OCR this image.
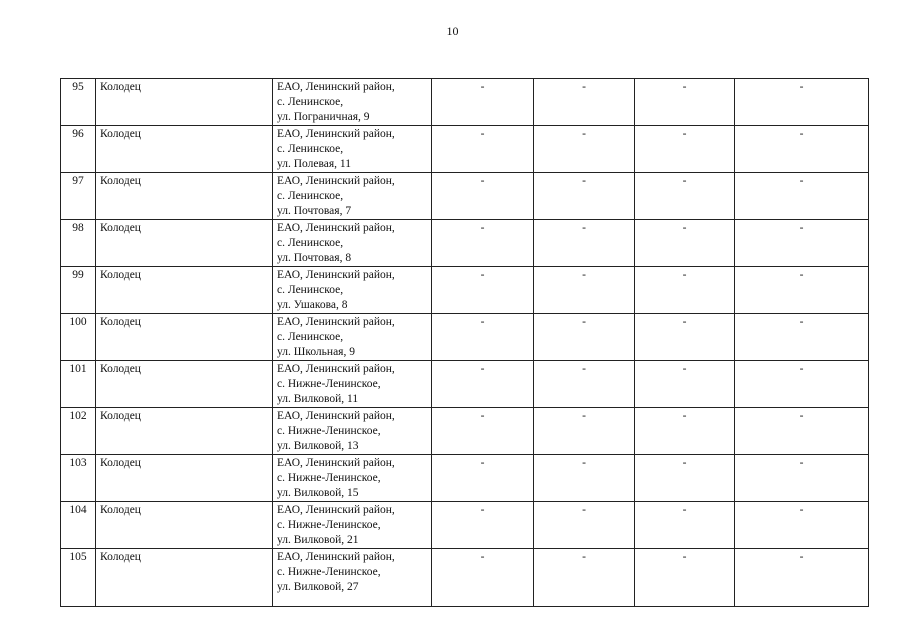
10
95	Колодец	ЕАО, Ленинский район,
с. Ленинское,
ул. Пограничная, 9	-	-	-	-
96	Колодец	ЕАО, Ленинский район,
с. Ленинское,
ул. Полевая, 11	-	-	-	-
97	Колодец	ЕАО, Ленинский район,
с. Ленинское,
ул. Почтовая, 7	-	-	-	-
98	Колодец	ЕАО, Ленинский район,
с. Ленинское,
ул. Почтовая, 8	-	-	-	-
99	Колодец	ЕАО, Ленинский район,
с. Ленинское,
ул. Ушакова, 8	-	-	-	-
100	Колодец	ЕАО, Ленинский район,
с. Ленинское,
ул. Школьная, 9	-	-	-	-
101	Колодец	ЕАО, Ленинский район,
с. Нижне-Ленинское,
ул. Вилковой, 11	-	-	-	-
102	Колодец	ЕАО, Ленинский район,
с. Нижне-Ленинское,
ул. Вилковой, 13	-	-	-	-
103	Колодец	ЕАО, Ленинский район,
с. Нижне-Ленинское,
ул. Вилковой, 15	-	-	-	-
104	Колодец	ЕАО, Ленинский район,
с. Нижне-Ленинское,
ул. Вилковой, 21	-	-	-	-
105	Колодец	ЕАО, Ленинский район,
с. Нижне-Ленинское,
ул. Вилковой, 27	-	-	-	-
